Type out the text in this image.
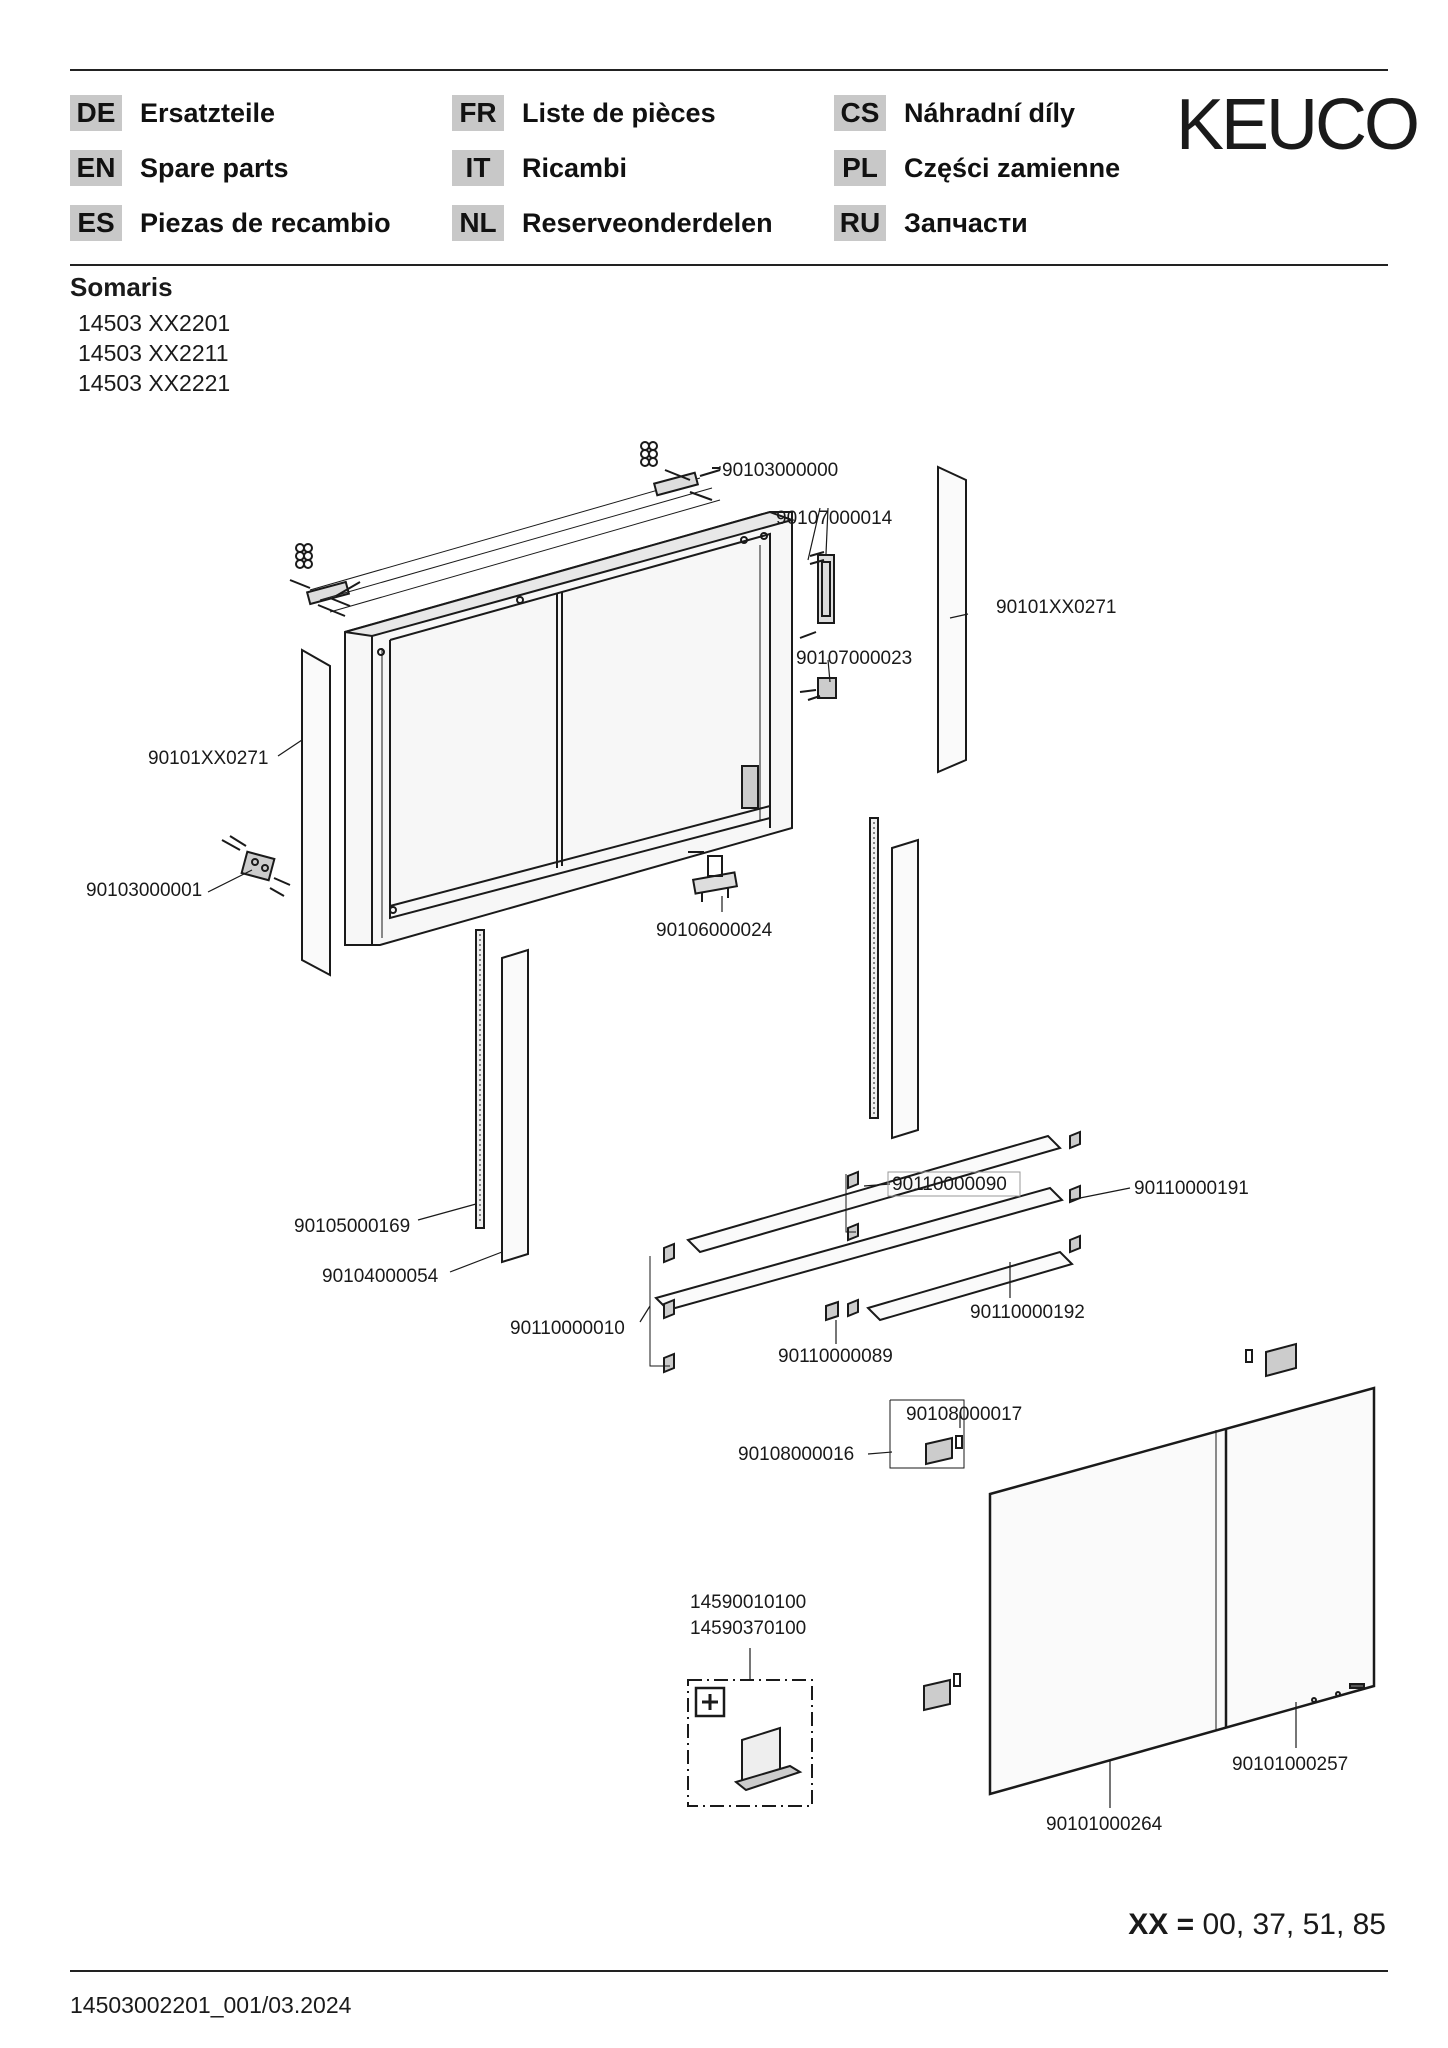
DE Ersatzteile
EN Spare parts
ES Piezas de recambio
FR Liste de pièces
IT	Ricambi
NL Reserveonderdelen
CS Náhradní díly
PL Części zamienne
RU Запчасти
KEUCO
Somaris
14503 XX2201
14503 XX2211
14503 XX2221
90103000000
90107000014
90101XX0271
90107000023
90101XX0271
90103000001
90106000024
90105000169
90104000054
90110000090	90110000191
90110000010
90110000089
90110000192
90108000017
90108000016
14590010100
14590370100
90101000257
90101000264
XX = 00, 37, 51, 85
14503002201_001/03.2024
